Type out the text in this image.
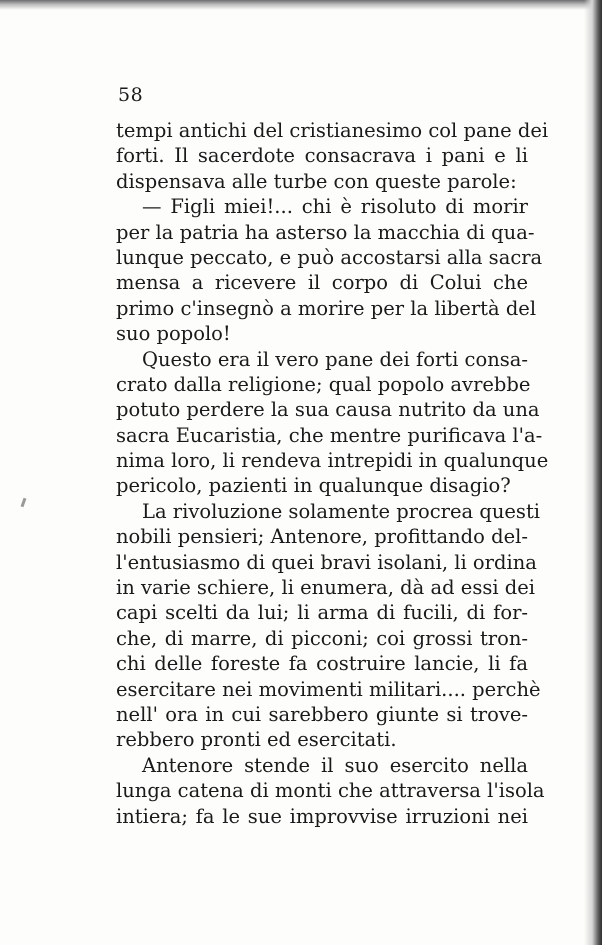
58
tempi antichi del cristianesimo col pane dei
forti. Il sacerdote consacrava i pani e li
dispensava alle turbe con queste parole:
— Figli miei!... chi è risoluto di morir
per la patria ha asterso la macchia di qua-
lunque peccato, e può accostarsi alla sacra
mensa a ricevere il corpo di Colui che
primo c'insegnò a morire per la libertà del
suo popolo!
Questo era il vero pane dei forti consa-
crato dalla religione; qual popolo avrebbe
potuto perdere la sua causa nutrito da una
sacra Eucaristia, che mentre purificava l'a-
nima loro, li rendeva intrepidi in qualunque
pericolo, pazienti in qualunque disagio?
La rivoluzione solamente procrea questi
nobili pensieri; Antenore, profittando del-
l'entusiasmo di quei bravi isolani, li ordina
in varie schiere, li enumera, dà ad essi dei
capi scelti da lui; li arma di fucili, di for-
che, di marre, di picconi; coi grossi tron-
chi delle foreste fa costruire lancie, li fa
esercitare nei movimenti militari.... perchè
nell' ora in cui sarebbero giunte si trove-
rebbero pronti ed esercitati.
Antenore stende il suo esercito nella
lunga catena di monti che attraversa l'isola
intiera; fa le sue improvvise irruzioni nei
